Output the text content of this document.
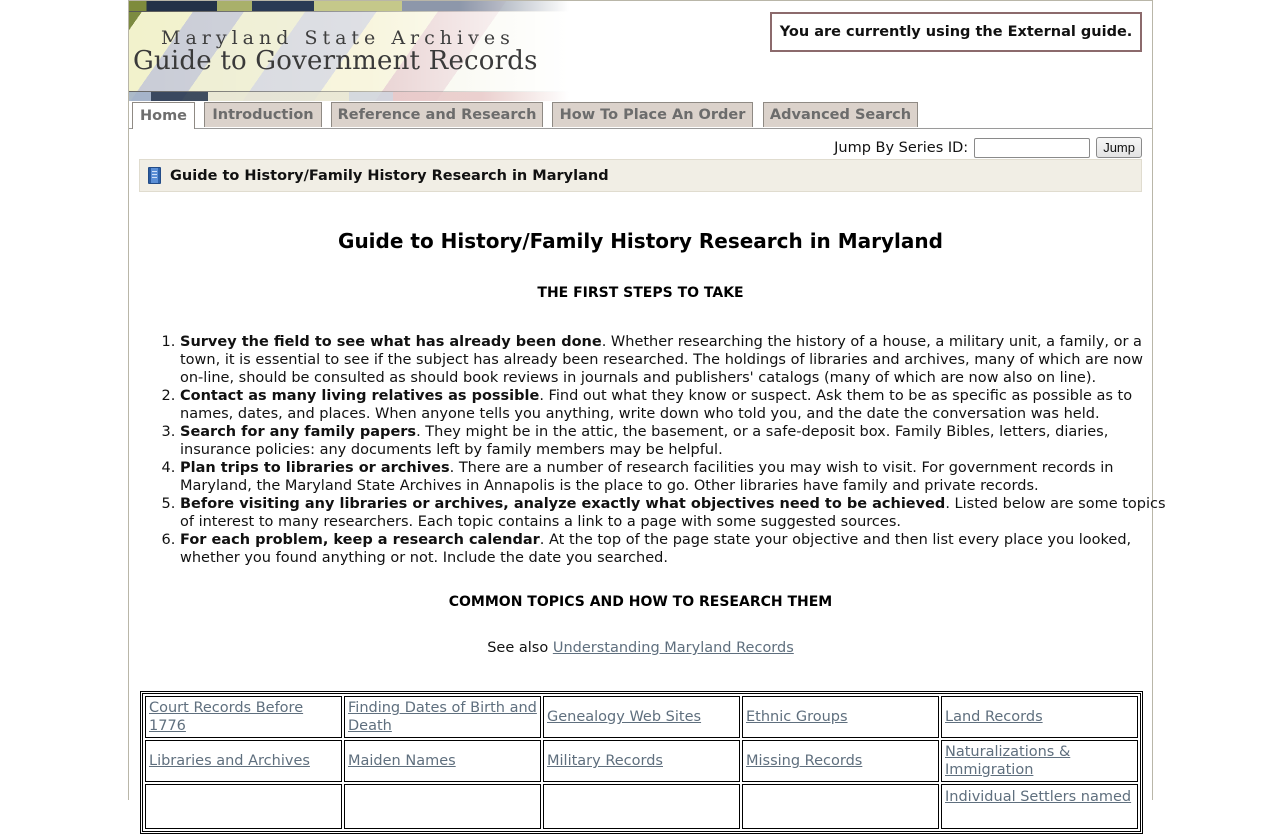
Maryland State Archives
Guide to Government Records
You are currently using the External guide.
Home	Introduction	Reference and Research	How To Place An Order	Advanced Search
Jump By Series ID:	Jump
Guide to History/Family History Research in Maryland
Guide to History/Family History Research in Maryland
THE FIRST STEPS TO TAKE
1. Survey the field to see what has already been done. Whether researching the history of a house, a military unit, a family, or a town, it is essential to see if the subject has already been researched. The holdings of libraries and archives, many of which are now on-line, should be consulted as should book reviews in journals and publishers' catalogs (many of which are now also on line).
2. Contact as many living relatives as possible. Find out what they know or suspect. Ask them to be as specific as possible as to names, dates, and places. When anyone tells you anything, write down who told you, and the date the conversation was held.
3. Search for any family papers. They might be in the attic, the basement, or a safe-deposit box. Family Bibles, letters, diaries, insurance policies: any documents left by family members may be helpful.
4. Plan trips to libraries or archives. There are a number of research facilities you may wish to visit. For government records in Maryland, the Maryland State Archives in Annapolis is the place to go. Other libraries have family and private records.
5. Before visiting any libraries or archives, analyze exactly what objectives need to be achieved. Listed below are some topics of interest to many researchers. Each topic contains a link to a page with some suggested sources.
6. For each problem, keep a research calendar. At the top of the page state your objective and then list every place you looked, whether you found anything or not. Include the date you searched.
COMMON TOPICS AND HOW TO RESEARCH THEM
See also Understanding Maryland Records
Court Records Before 1776	Finding Dates of Birth and Death	Genealogy Web Sites	Ethnic Groups	Land Records
Libraries and Archives	Maiden Names	Military Records	Missing Records	Naturalizations & Immigration
				Individual Settlers named
